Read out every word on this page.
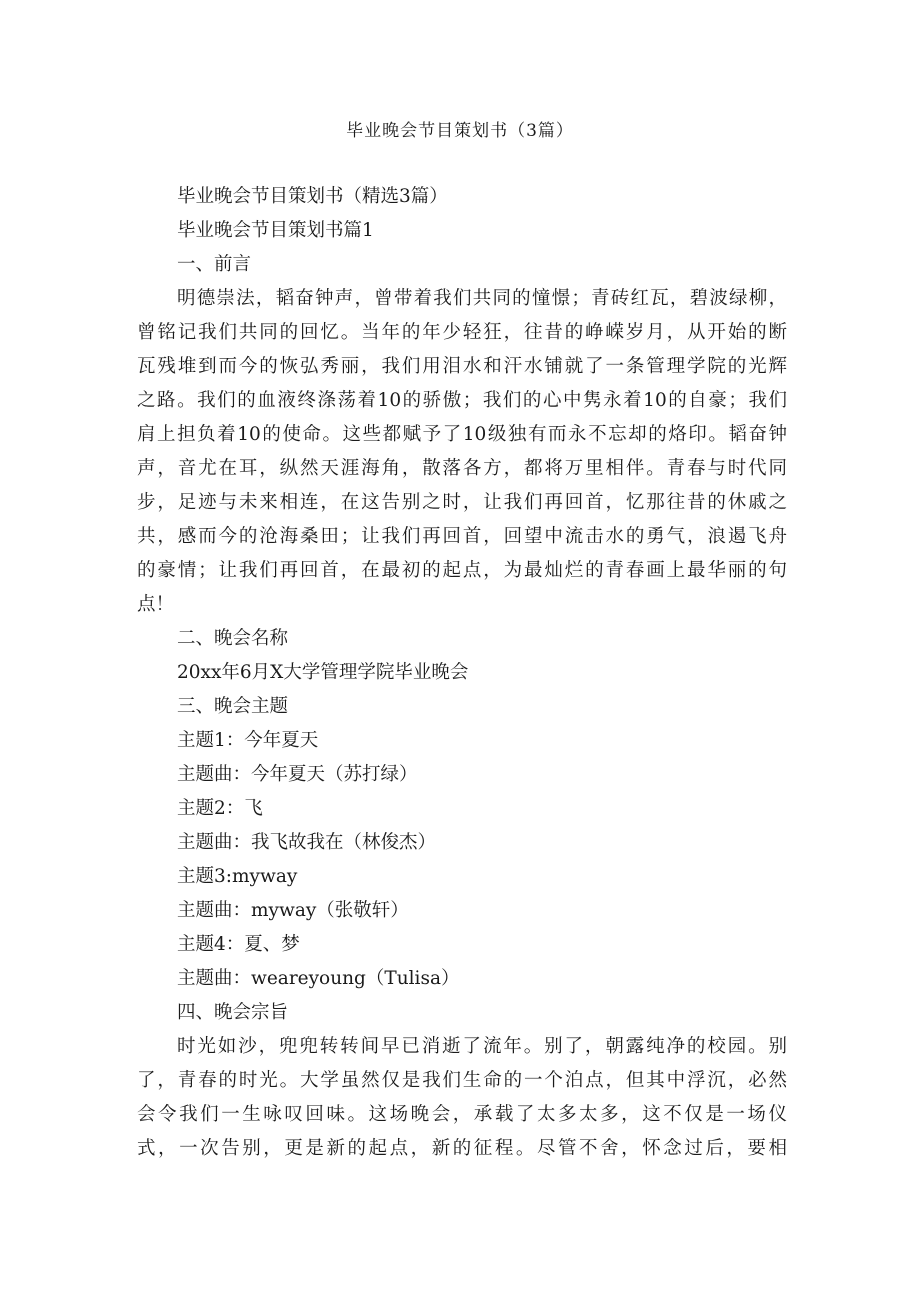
毕业晚会节目策划书（3篇）
毕业晚会节目策划书（精选3篇）
毕业晚会节目策划书篇1
一、前言
明德崇法，韬奋钟声，曾带着我们共同的憧憬；青砖红瓦，碧波绿柳，
曾铭记我们共同的回忆。当年的年少轻狂，往昔的峥嵘岁月，从开始的断
瓦残堆到而今的恢弘秀丽，我们用泪水和汗水铺就了一条管理学院的光辉
之路。我们的血液终涤荡着10的骄傲；我们的心中隽永着10的自豪；我们
肩上担负着10的使命。这些都赋予了10级独有而永不忘却的烙印。韬奋钟
声，音尤在耳，纵然天涯海角，散落各方，都将万里相伴。青春与时代同
步，足迹与未来相连，在这告别之时，让我们再回首，忆那往昔的休戚之
共，感而今的沧海桑田；让我们再回首，回望中流击水的勇气，浪遏飞舟
的豪情；让我们再回首，在最初的起点，为最灿烂的青春画上最华丽的句
点！
二、晚会名称
20xx年6月X大学管理学院毕业晚会
三、晚会主题
主题1：今年夏天
主题曲：今年夏天（苏打绿）
主题2：飞
主题曲：我飞故我在（林俊杰）
主题3:myway
主题曲：myway（张敬轩）
主题4：夏、梦
主题曲：weareyoung（Tulisa）
四、晚会宗旨
时光如沙，兜兜转转间早已消逝了流年。别了，朝露纯净的校园。别
了，青春的时光。大学虽然仅是我们生命的一个泊点，但其中浮沉，必然
会令我们一生咏叹回味。这场晚会，承载了太多太多，这不仅是一场仪
式，一次告别，更是新的起点，新的征程。尽管不舍，怀念过后，要相
